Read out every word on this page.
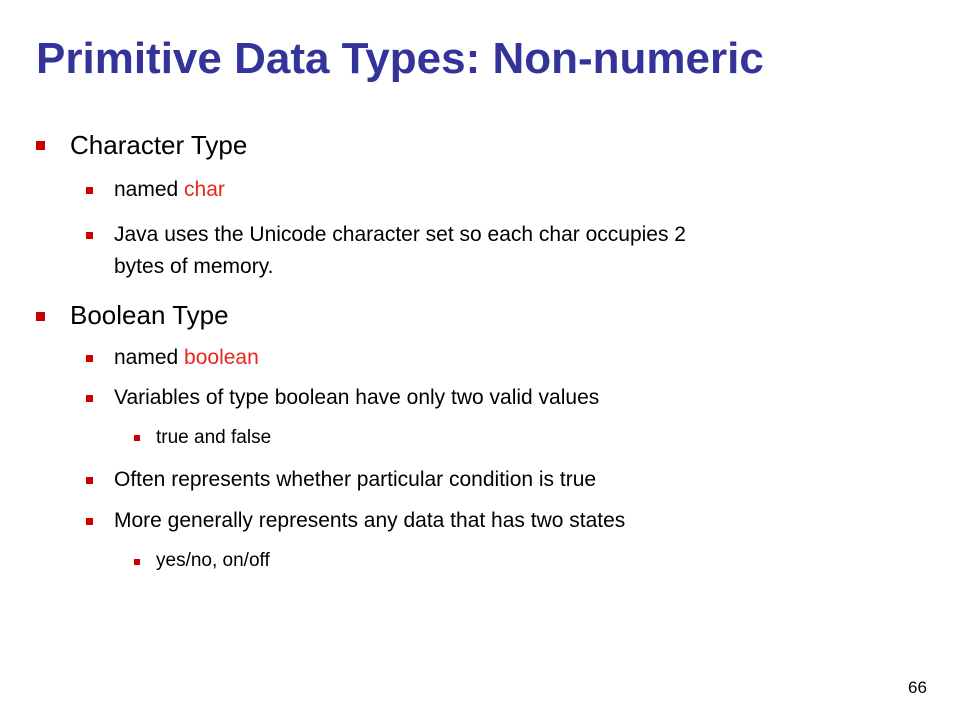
Primitive Data Types: Non-numeric
Character Type
named char
Java uses the Unicode character set so each char occupies 2
bytes of memory.
Boolean Type
named boolean
Variables of type boolean have only two valid values
true and false
Often represents whether particular condition is true
More generally represents any data that has two states
yes/no, on/off
66
